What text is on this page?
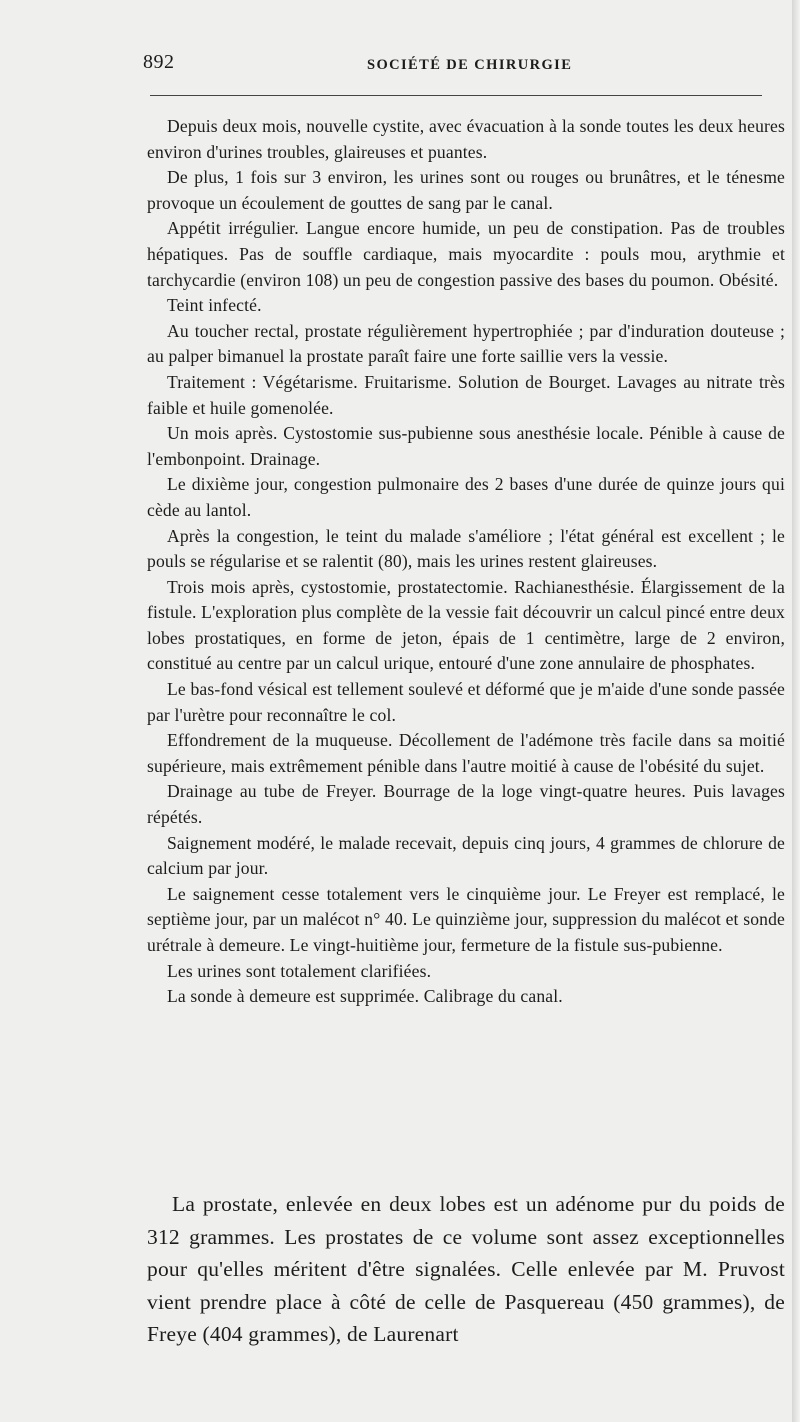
892	SOCIÉTÉ DE CHIRURGIE

Depuis deux mois, nouvelle cystite, avec évacuation à la sonde toutes les deux heures environ d'urines troubles, glaireuses et puantes.

De plus, 1 fois sur 3 environ, les urines sont ou rouges ou brunâtres, et le ténesme provoque un écoulement de gouttes de sang par le canal.

Appétit irrégulier. Langue encore humide, un peu de constipation. Pas de troubles hépatiques. Pas de souffle cardiaque, mais myocardite : pouls mou, arythmie et tarchycardie (environ 108) un peu de congestion passive des bases du poumon. Obésité.

Teint infecté.

Au toucher rectal, prostate régulièrement hypertrophiée ; par d'induration douteuse ; au palper bimanuel la prostate paraît faire une forte saillie vers la vessie.

Traitement : Végétarisme. Fruitarisme. Solution de Bourget. Lavages au nitrate très faible et huile gomenolée.

Un mois après. Cystostomie sus-pubienne sous anesthésie locale. Pénible à cause de l'embonpoint. Drainage.

Le dixième jour, congestion pulmonaire des 2 bases d'une durée de quinze jours qui cède au lantol.

Après la congestion, le teint du malade s'améliore ; l'état général est excellent ; le pouls se régularise et se ralentit (80), mais les urines restent glaireuses.

Trois mois après, cystostomie, prostatectomie. Rachianesthésie. Élargissement de la fistule. L'exploration plus complète de la vessie fait découvrir un calcul pincé entre deux lobes prostatiques, en forme de jeton, épais de 1 centimètre, large de 2 environ, constitué au centre par un calcul urique, entouré d'une zone annulaire de phosphates.

Le bas-fond vésical est tellement soulevé et déformé que je m'aide d'une sonde passée par l'urètre pour reconnaître le col.

Effondrement de la muqueuse. Décollement de l'adémone très facile dans sa moitié supérieure, mais extrêmement pénible dans l'autre moitié à cause de l'obésité du sujet.

Drainage au tube de Freyer. Bourrage de la loge vingt-quatre heures. Puis lavages répétés.

Saignement modéré, le malade recevait, depuis cinq jours, 4 grammes de chlorure de calcium par jour.

Le saignement cesse totalement vers le cinquième jour. Le Freyer est remplacé, le septième jour, par un malécot n° 40. Le quinzième jour, suppression du malécot et sonde urétrale à demeure. Le vingt-huitième jour, fermeture de la fistule sus-pubienne.

Les urines sont totalement clarifiées.

La sonde à demeure est supprimée. Calibrage du canal.

La prostate, enlevée en deux lobes est un adénome pur du poids de 312 grammes. Les prostates de ce volume sont assez exceptionnelles pour qu'elles méritent d'être signalées. Celle enlevée par M. Pruvost vient prendre place à côté de celle de Pasquereau (450 grammes), de Freye (404 grammes), de Laurenart
